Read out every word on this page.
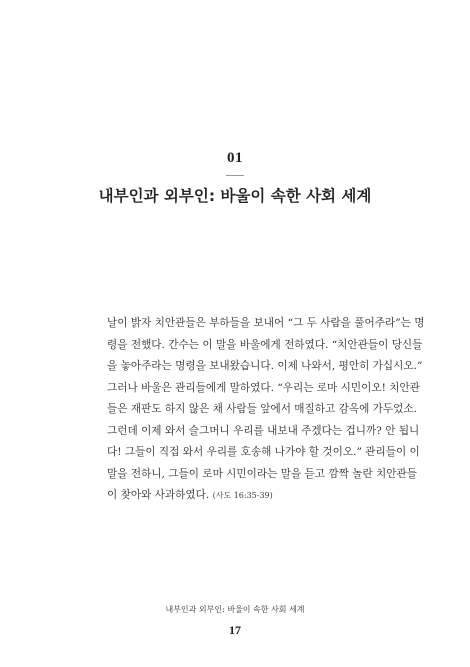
01
내부인과 외부인: 바울이 속한 사회 세계
날이 밝자 치안관들은 부하들을 보내어 “그 두 사람을 풀어주라”는 명
령을 전했다. 간수는 이 말을 바울에게 전하였다. “치안관들이 당신들
을 놓아주라는 명령을 보내왔습니다. 이제 나와서, 평안히 가십시오.”
그러나 바울은 관리들에게 말하였다. “우리는 로마 시민이오! 치안관
들은 재판도 하지 않은 채 사람들 앞에서 매질하고 감옥에 가두었소.
그런데 이제 와서 슬그머니 우리를 내보내 주겠다는 겁니까? 안 됩니
다! 그들이 직접 와서 우리를 호송해 나가야 할 것이오.” 관리들이 이
말을 전하니, 그들이 로마 시민이라는 말을 듣고 깜짝 놀란 치안관들
이 찾아와 사과하였다. (사도 16:35-39)
내부인과 외부인: 바울이 속한 사회 세계
17
